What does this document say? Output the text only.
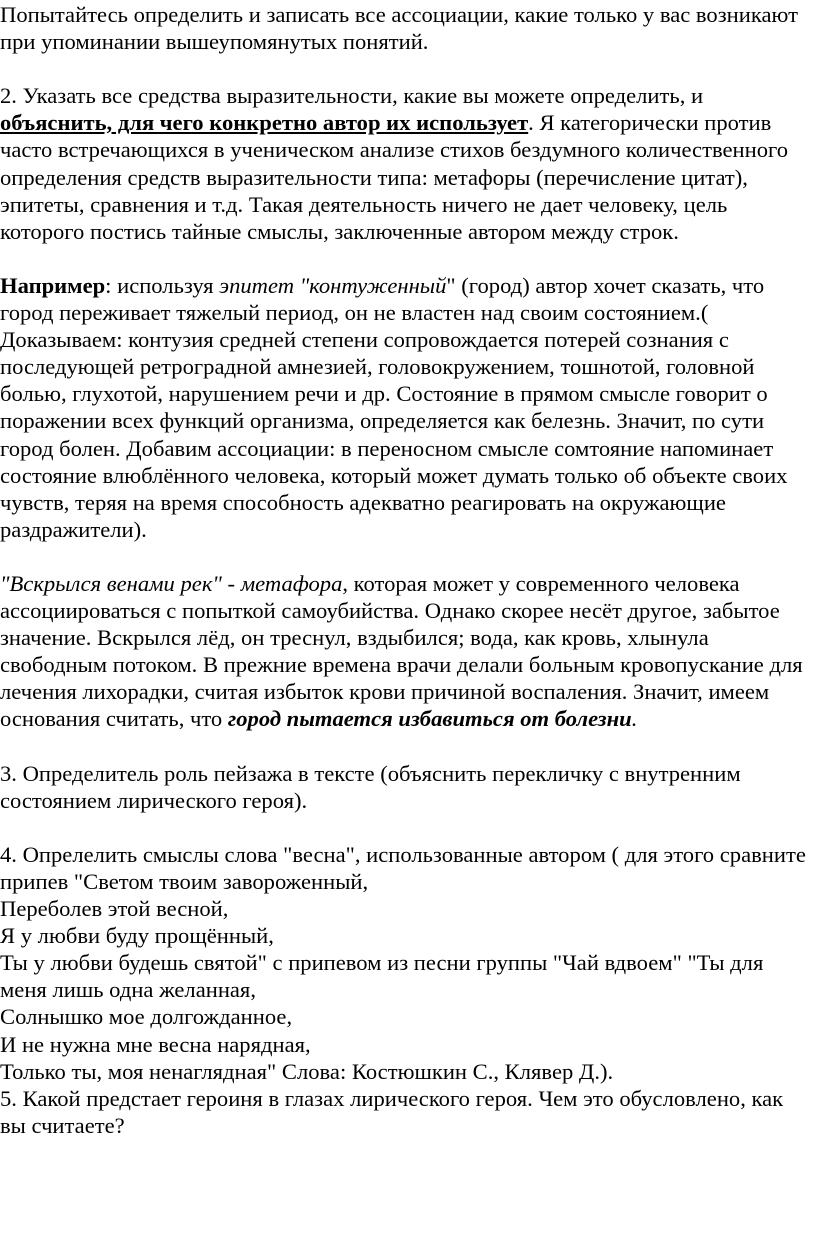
Попытайтесь определить и записать все ассоциации, какие только у вас возникают при упоминании вышеупомянутых понятий.

2. Указать все средства выразительности, какие вы можете определить, и объяснить, для чего конкретно автор их использует. Я категорически против часто встречающихся в ученическом анализе стихов бездумного количественного определения средств выразительности типа: метафоры (перечисление цитат), эпитеты, сравнения и т.д. Такая деятельность ничего не дает человеку, цель которого постись тайные смыслы, заключенные автором между строк.

Например: используя эпитет "контуженный" (город) автор хочет сказать, что город переживает тяжелый период, он не властен над своим состоянием.( Доказываем: контузия средней степени сопровождается потерей сознания с последующей ретроградной амнезией, головокружением, тошнотой, головной болью, глухотой, нарушением речи и др. Состояние в прямом смысле говорит о поражении всех функций организма, определяется как белезнь. Значит, по сути город болен. Добавим ассоциации: в переносном смысле сомтояние напоминает состояние влюблённого человека, который может думать только об объекте своих чувств, теряя на время способность адекватно реагировать на окружающие раздражители).

"Вскрылся венами рек" - метафора, которая может у современного человека ассоциироваться с попыткой самоубийства. Однако скорее несёт другое, забытое значение. Вскрылся лёд, он треснул, вздыбился; вода, как кровь, хлынула свободным потоком. В прежние времена врачи делали больным кровопускание для лечения лихорадки, считая избыток крови причиной воспаления. Значит, имеем основания считать, что город пытается избавиться от болезни.

3. Определитель роль пейзажа в тексте (объяснить перекличку с внутренним состоянием лирического героя).

4. Опрелелить смыслы слова "весна", использованные автором ( для этого сравните припев "Светом твоим завороженный,
Переболев этой весной,
Я у любви буду прощённый,
Ты у любви будешь святой" с припевом из песни группы "Чай вдвоем" "Ты для меня лишь одна желанная,
Солнышко мое долгожданное,
И не нужна мне весна нарядная,
Только ты, моя ненаглядная" Слова: Костюшкин С., Клявер Д.).

5. Какой предстает героиня в глазах лирического героя. Чем это обусловлено, как вы считаете?
